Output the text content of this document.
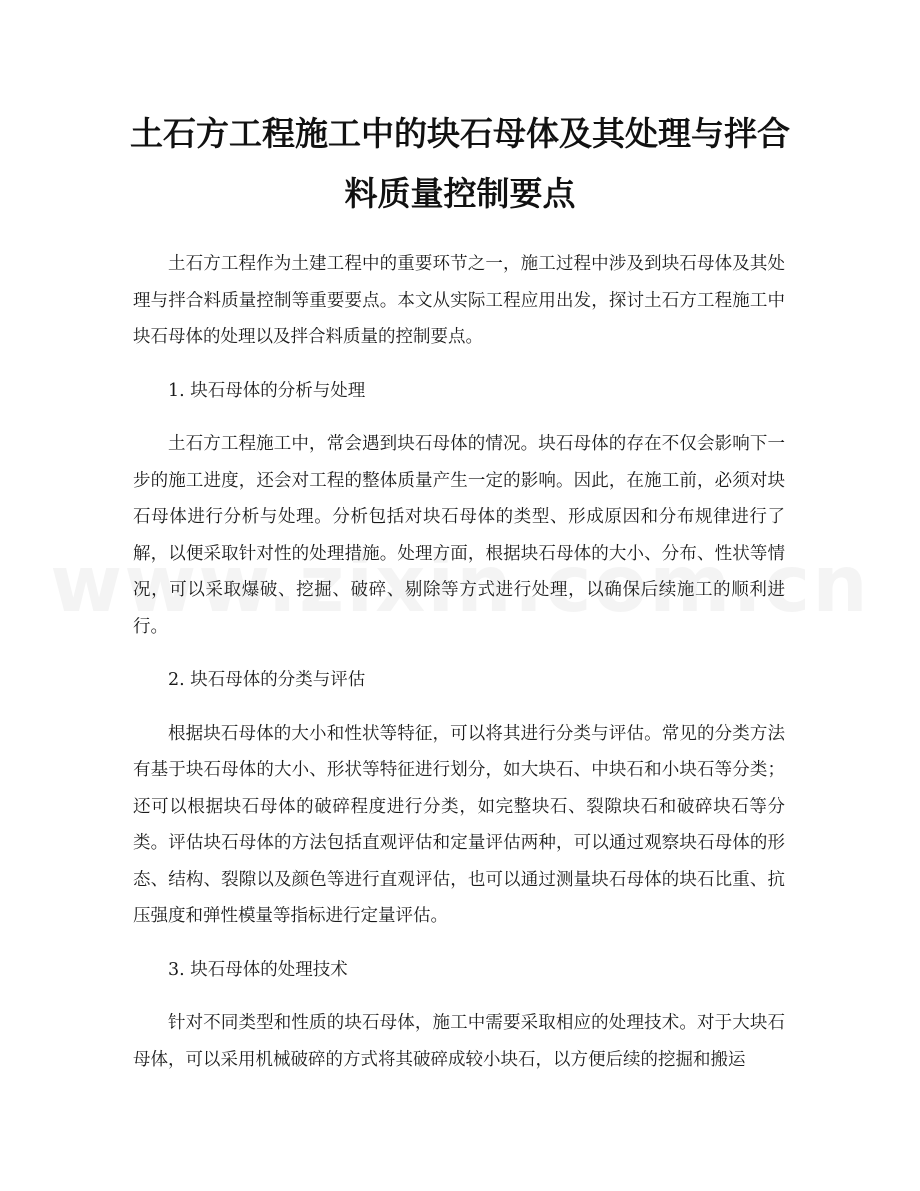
土石方工程施工中的块石母体及其处理与拌合料质量控制要点

土石方工程作为土建工程中的重要环节之一，施工过程中涉及到块石母体及其处理与拌合料质量控制等重要要点。本文从实际工程应用出发，探讨土石方工程施工中块石母体的处理以及拌合料质量的控制要点。

1. 块石母体的分析与处理

土石方工程施工中，常会遇到块石母体的情况。块石母体的存在不仅会影响下一步的施工进度，还会对工程的整体质量产生一定的影响。因此，在施工前，必须对块石母体进行分析与处理。分析包括对块石母体的类型、形成原因和分布规律进行了解，以便采取针对性的处理措施。处理方面，根据块石母体的大小、分布、性状等情况，可以采取爆破、挖掘、破碎、剔除等方式进行处理，以确保后续施工的顺利进行。

2. 块石母体的分类与评估

根据块石母体的大小和性状等特征，可以将其进行分类与评估。常见的分类方法有基于块石母体的大小、形状等特征进行划分，如大块石、中块石和小块石等分类；还可以根据块石母体的破碎程度进行分类，如完整块石、裂隙块石和破碎块石等分类。评估块石母体的方法包括直观评估和定量评估两种，可以通过观察块石母体的形态、结构、裂隙以及颜色等进行直观评估，也可以通过测量块石母体的块石比重、抗压强度和弹性模量等指标进行定量评估。

3. 块石母体的处理技术

针对不同类型和性质的块石母体，施工中需要采取相应的处理技术。对于大块石母体，可以采用机械破碎的方式将其破碎成较小块石，以方便后续的挖掘和搬运
